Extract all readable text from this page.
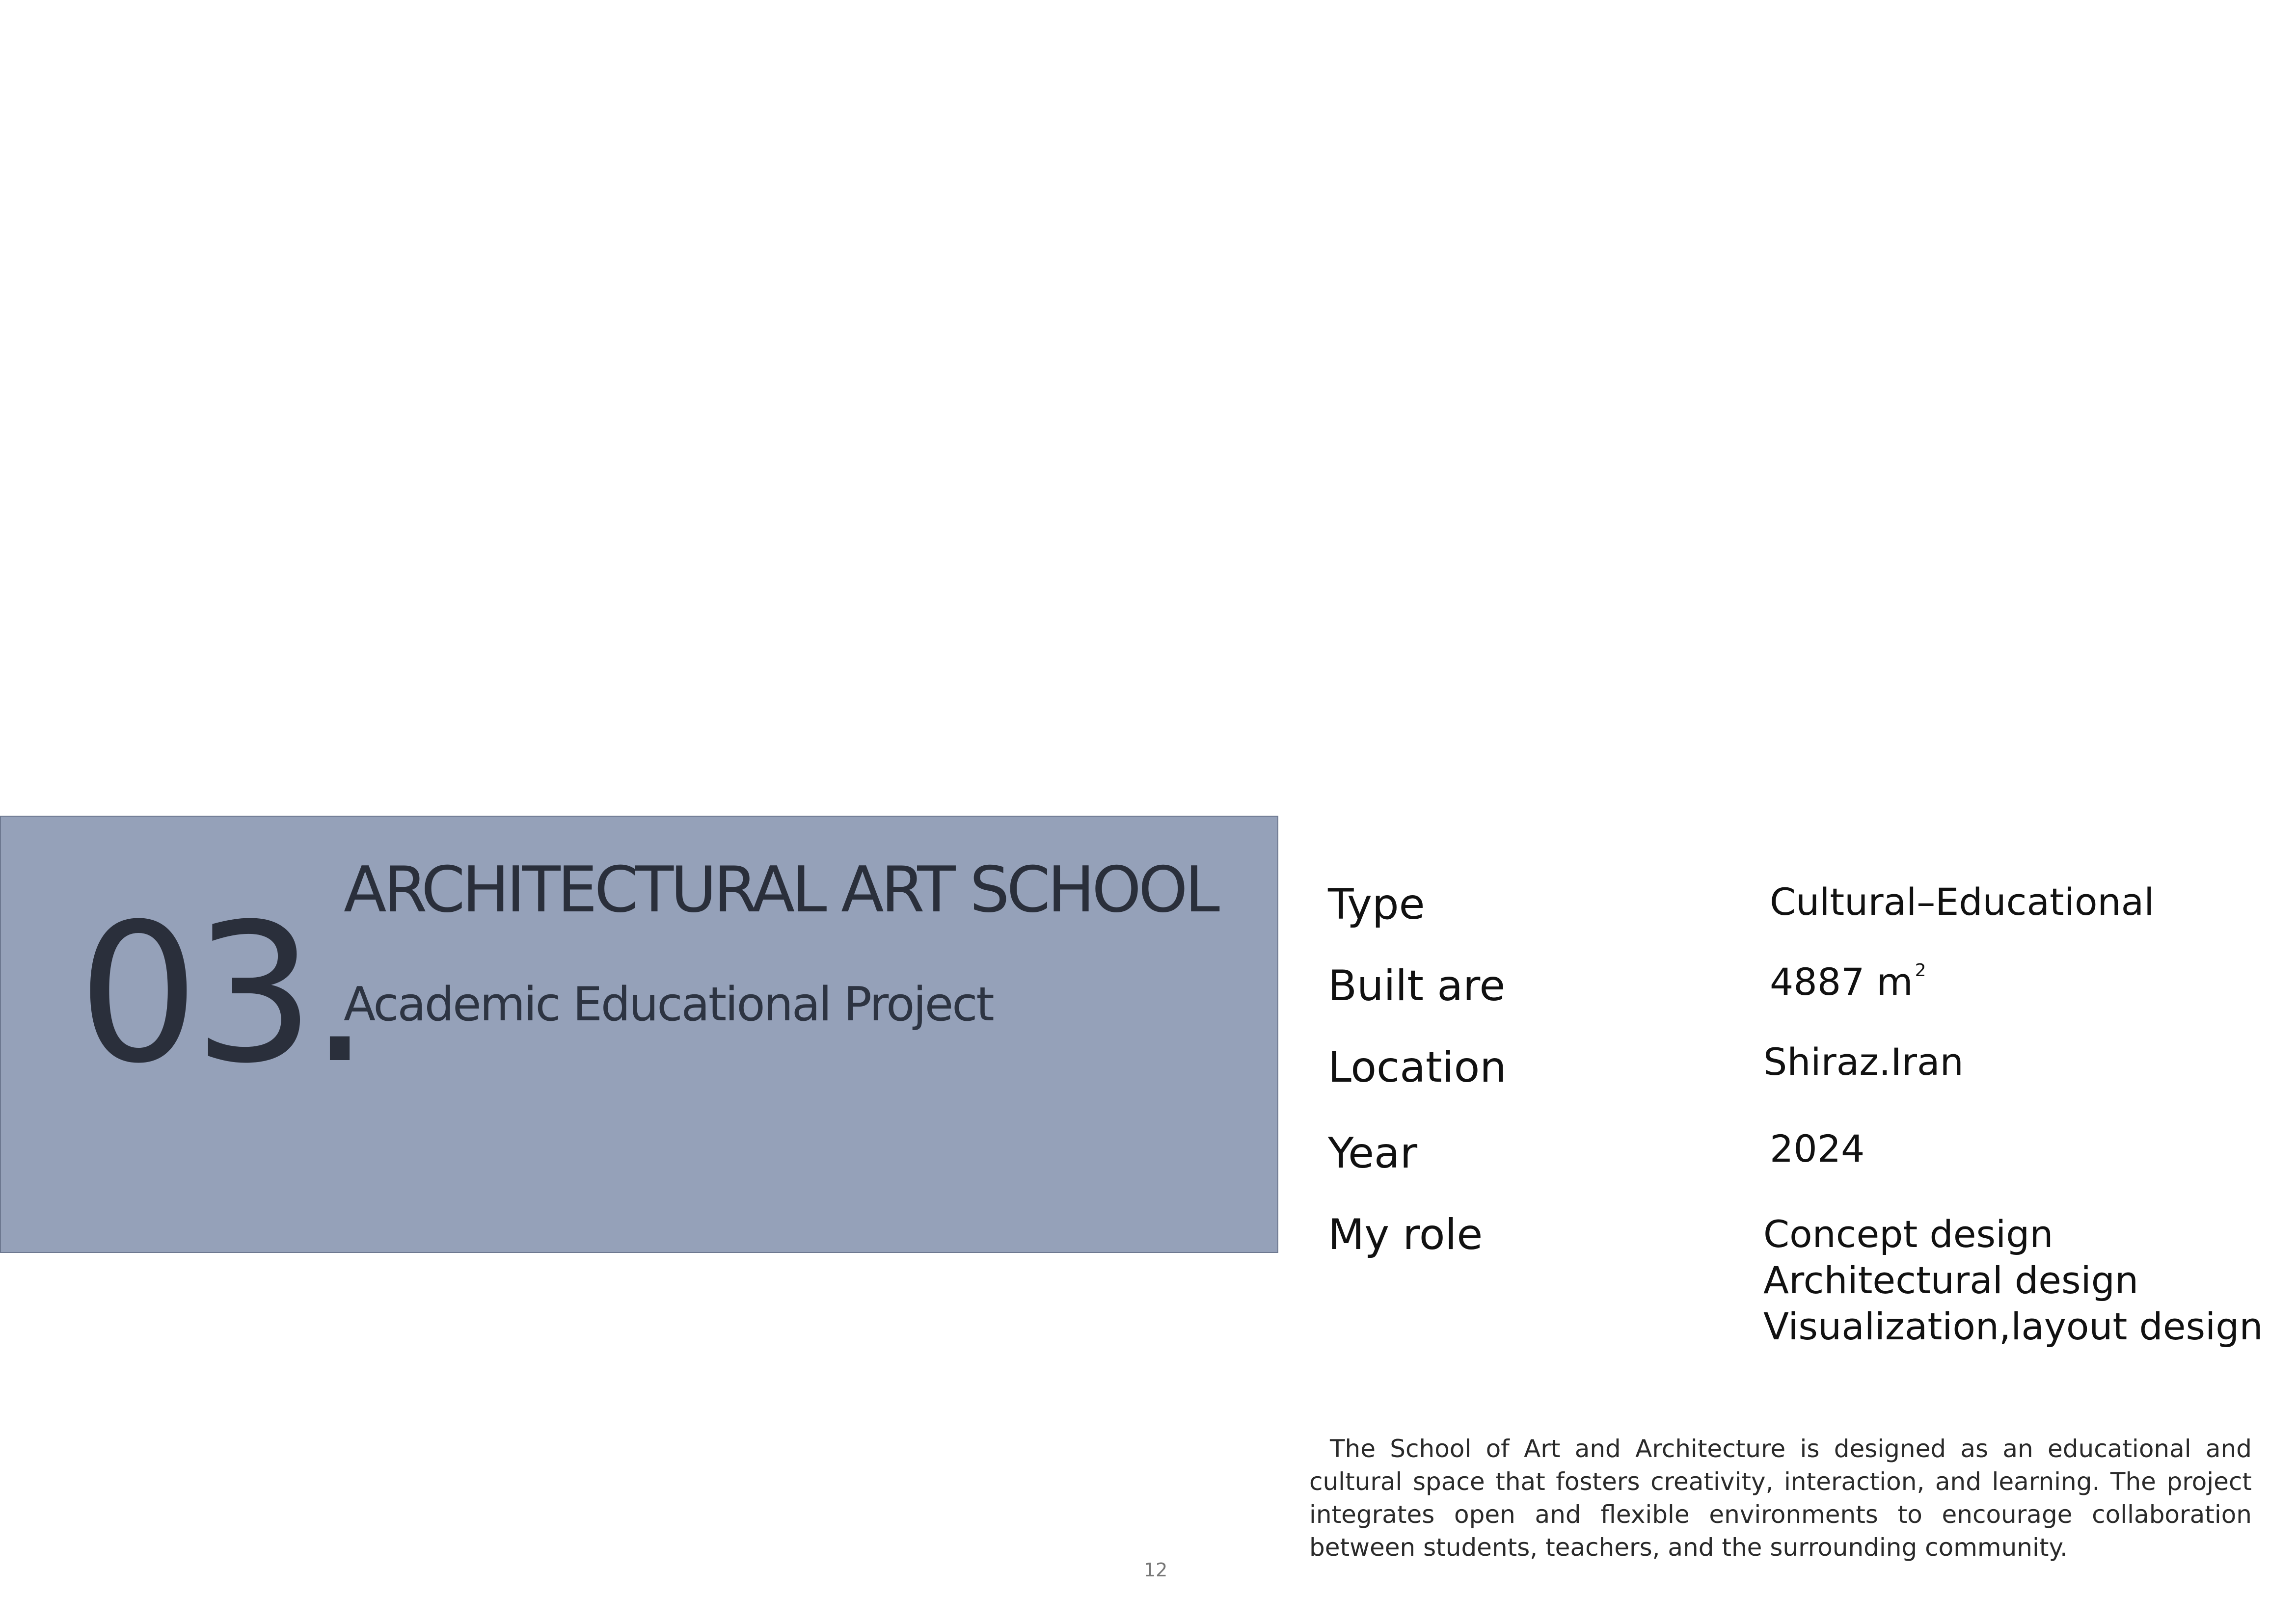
03.
ARCHITECTURAL ART SCHOOL
Academic Educational Project
Type	Cultural–Educational
Built are	4887 m $^2$
Location	Shiraz.Iran
Year	2024
My role	Concept design
Architectural design
Visualization,layout design
The School of Art and Architecture is designed as an educational and cultural space that fosters creativity, interaction, and learning. The project integrates open and flexible environments to encourage collaboration between students, teachers, and the surrounding community.
12
